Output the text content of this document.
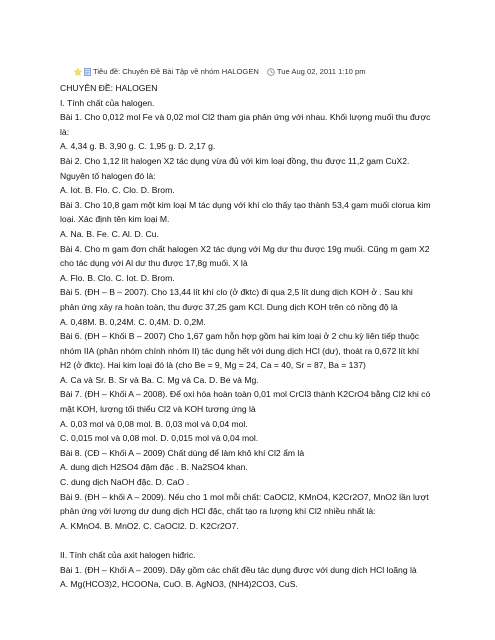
Tiêu đề: Chuyên Đề Bài Tập về nhóm HALOGEN Tue Aug 02, 2011 1:10 pm

CHUYÊN ĐỀ: HALOGEN

I. Tính chất của halogen.

Bài 1. Cho 0,012 mol Fe và 0,02 mol Cl2 tham gia phản ứng với nhau. Khối lượng muối thu được

là:

A. 4,34 g. B. 3,90 g. C. 1,95 g. D. 2,17 g.

Bài 2. Cho 1,12 lít halogen X2 tác dụng vừa đủ với kim loại đồng, thu được 11,2 gam CuX2.

Nguyên tố halogen đó là:

A. Iot. B. Flo. C. Clo. D. Brom.

Bài 3. Cho 10,8 gam một kim loại M tác dụng với khí clo thấy tạo thành 53,4 gam muối clorua kim

loại. Xác định tên kim loại M.

A. Na. B. Fe. C. Al. D. Cu.

Bài 4. Cho m gam đơn chất halogen X2 tác dụng với Mg dư thu được 19g muối. Cũng m gam X2

cho tác dụng với Al dư thu được 17,8g muối. X là

A. Flo. B. Clo. C. Iot. D. Brom.

Bài 5. (ĐH – B – 2007). Cho 13,44 lít khí clo (ở đktc) đi qua 2,5 lít dung dịch KOH ở . Sau khi

phản ứng xảy ra hoàn toàn, thu được 37,25 gam KCl. Dung dịch KOH trên có nồng độ là

A. 0,48M. B. 0,24M. C. 0,4M. D. 0,2M.

Bài 6. (ĐH – Khối B – 2007) Cho 1,67 gam hỗn hợp gồm hai kim loại ở 2 chu kỳ liên tiếp thuộc

nhóm IIA (phân nhóm chính nhóm II) tác dụng hết với dung dịch HCl (dư), thoát ra 0,672 lít khí

H2 (ở đktc). Hai kim loại đó là (cho Be = 9, Mg = 24, Ca = 40, Sr = 87, Ba = 137)

A. Ca và Sr. B. Sr và Ba. C. Mg và Ca. D. Be và Mg.

Bài 7. (ĐH – Khối A – 2008). Để oxi hóa hoàn toàn 0,01 mol CrCl3 thành K2CrO4 bằng Cl2 khi có

mặt KOH, lượng tối thiểu Cl2 và KOH tương ứng là

A. 0,03 mol và 0,08 mol. B. 0,03 mol và 0,04 mol.

C. 0,015 mol và 0,08 mol. D. 0,015 mol và 0,04 mol.

Bài 8. (CĐ – Khối A – 2009) Chất dùng để làm khô khí Cl2 ẩm là

A. dung dịch H2SO4 đậm đặc . B. Na2SO4 khan.

C. dung dịch NaOH đặc. D. CaO .

Bài 9. (ĐH – khối A – 2009). Nếu cho 1 mol mỗi chất: CaOCl2, KMnO4, K2Cr2O7, MnO2 lần lượt

phản ứng với lượng dư dung dịch HCl đặc, chất tạo ra lượng khí Cl2 nhiều nhất là:

A. KMnO4. B. MnO2. C. CaOCl2. D. K2Cr2O7.

II. Tính chất của axit halogen hiđric.

Bài 1. (ĐH – Khối A – 2009). Dãy gồm các chất đều tác dụng được với dung dịch HCl loãng là

A. Mg(HCO3)2, HCOONa, CuO. B. AgNO3, (NH4)2CO3, CuS.
